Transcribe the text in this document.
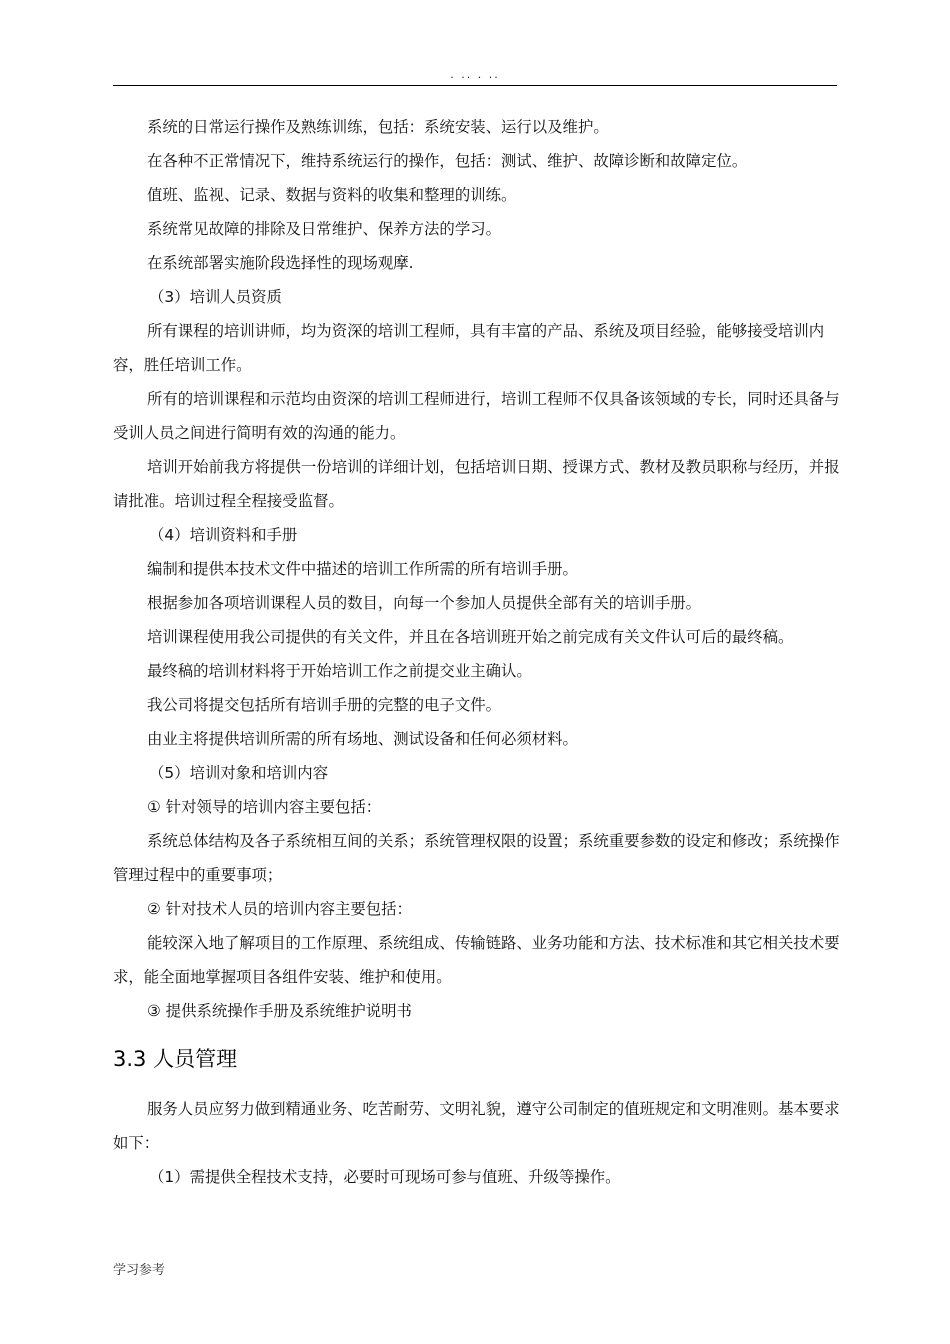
. .. . ..

系统的日常运行操作及熟练训练，包括：系统安装、运行以及维护。

在各种不正常情况下，维持系统运行的操作，包括：测试、维护、故障诊断和故障定位。

值班、监视、记录、数据与资料的收集和整理的训练。

系统常见故障的排除及日常维护、保养方法的学习。

在系统部署实施阶段选择性的现场观摩.

（3）培训人员资质

所有课程的培训讲师，均为资深的培训工程师，具有丰富的产品、系统及项目经验，能够接受培训内容，胜任培训工作。

所有的培训课程和示范均由资深的培训工程师进行，培训工程师不仅具备该领域的专长，同时还具备与受训人员之间进行简明有效的沟通的能力。

培训开始前我方将提供一份培训的详细计划，包括培训日期、授课方式、教材及教员职称与经历，并报请批准。培训过程全程接受监督。

（4）培训资料和手册

编制和提供本技术文件中描述的培训工作所需的所有培训手册。

根据参加各项培训课程人员的数目，向每一个参加人员提供全部有关的培训手册。

培训课程使用我公司提供的有关文件，并且在各培训班开始之前完成有关文件认可后的最终稿。

最终稿的培训材料将于开始培训工作之前提交业主确认。

我公司将提交包括所有培训手册的完整的电子文件。

由业主将提供培训所需的所有场地、测试设备和任何必须材料。

（5）培训对象和培训内容

① 针对领导的培训内容主要包括：

系统总体结构及各子系统相互间的关系；系统管理权限的设置；系统重要参数的设定和修改；系统操作管理过程中的重要事项；

② 针对技术人员的培训内容主要包括：

能较深入地了解项目的工作原理、系统组成、传输链路、业务功能和方法、技术标准和其它相关技术要求，能全面地掌握项目各组件安装、维护和使用。

③ 提供系统操作手册及系统维护说明书

3.3 人员管理

服务人员应努力做到精通业务、吃苦耐劳、文明礼貌，遵守公司制定的值班规定和文明准则。基本要求如下：

（1）需提供全程技术支持，必要时可现场可参与值班、升级等操作。

学习参考
